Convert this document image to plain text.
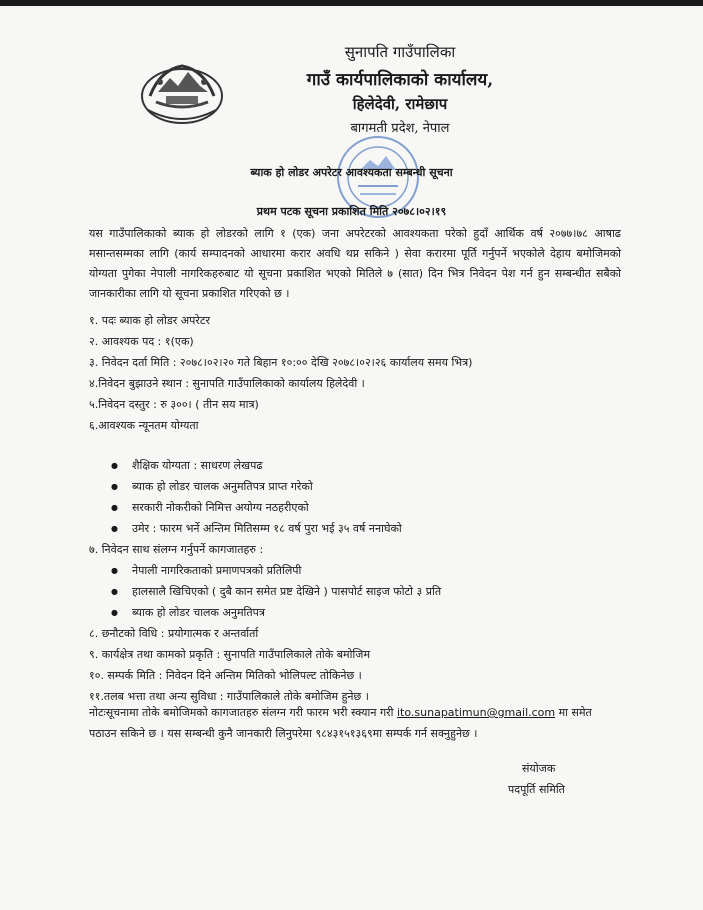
सुनापति गाउँपालिका
गाउँ कार्यपालिकाको कार्यालय,
हिलेदेवी, रामेछाप
बागमती प्रदेश, नेपाल
ब्याक हो लोडर अपरेटर आवश्यकता सम्बन्धी सूचना
प्रथम पटक सूचना प्रकाशित मिति २०७८।०२।१९
यस गाउँपालिकाको ब्याक हो लोडरको लागि १ (एक) जना अपरेटरको आवश्यकता परेको हुदाँ आर्थिक वर्ष २०७७।७८ आषाढ मसान्तसम्मका लागि (कार्य सम्पादनको आधारमा करार अवधि थप्न सकिने ) सेवा करारमा पूर्ति गर्नुपर्ने भएकोले देहाय बमोजिमको योग्यता पुगेका नेपाली नागरिकहरुबाट यो सूचना प्रकाशित भएको मितिले ७ (सात) दिन भित्र निवेदन पेश गर्न हुन सम्बन्धीत सबैको जानकारीका लागि यो सूचना प्रकाशित गरिएको छ ।
१. पदः ब्याक हो लोडर अपरेटर
२. आवश्यक पद : १(एक)
३. निवेदन दर्ता मिति : २०७८।०२।२० गते बिहान १०:०० देखि २०७८।०२।२६ कार्यालय समय भित्र)
४.निवेदन बुझाउने स्थान : सुनापति गाउँपालिकाको कार्यालय हिलेदेवी ।
५.निवेदन दस्तुर : रु ३००। ( तीन सय मात्र)
६.आवश्यक न्यूनतम योग्यता
● शैक्षिक योग्यता : साधरण लेखपढ
● ब्याक हो लोडर चालक अनुमतिपत्र प्राप्त गरेको
● सरकारी नोकरीको निमित्त अयोग्य नठहरीएको
● उमेर : फारम भर्ने अन्तिम मितिसम्म १८ वर्ष पुरा भई ३५ वर्ष ननाघेको
७. निवेदन साथ संलग्न गर्नुपर्ने कागजातहरु :
● नेपाली नागरिकताको प्रमाणपत्रको प्रतिलिपी
● हालसालै खिचिएको ( दुबै कान समेत प्रष्ट देखिने ) पासपोर्ट साइज फोटो ३ प्रति
● ब्याक हो लोडर चालक अनुमतिपत्र
८. छनौटको विधि : प्रयोगात्मक र अन्तर्वार्ता
९. कार्यक्षेत्र तथा कामको प्रकृति : सुनापति गाउँपालिकाले तोके बमोजिम
१०. सम्पर्क मिति : निवेदन दिने अन्तिम मितिको भोलिपल्ट तोकिनेछ ।
११.तलब भत्ता तथा अन्य सुविधा : गाउँपालिकाले तोके बमोजिम हुनेछ ।
नोटःसूचनामा तोके बमोजिमको कागजातहरु संलग्न गरी फारम भरी स्क्यान गरी ito.sunapatimun@gmail.com मा समेत पठाउन सकिने छ । यस सम्बन्धी कुनै जानकारी लिनुपरेमा ९८४३१५१३६९मा सम्पर्क गर्न सक्नुहुनेछ ।
संयोजक
पदपूर्ति समिति
